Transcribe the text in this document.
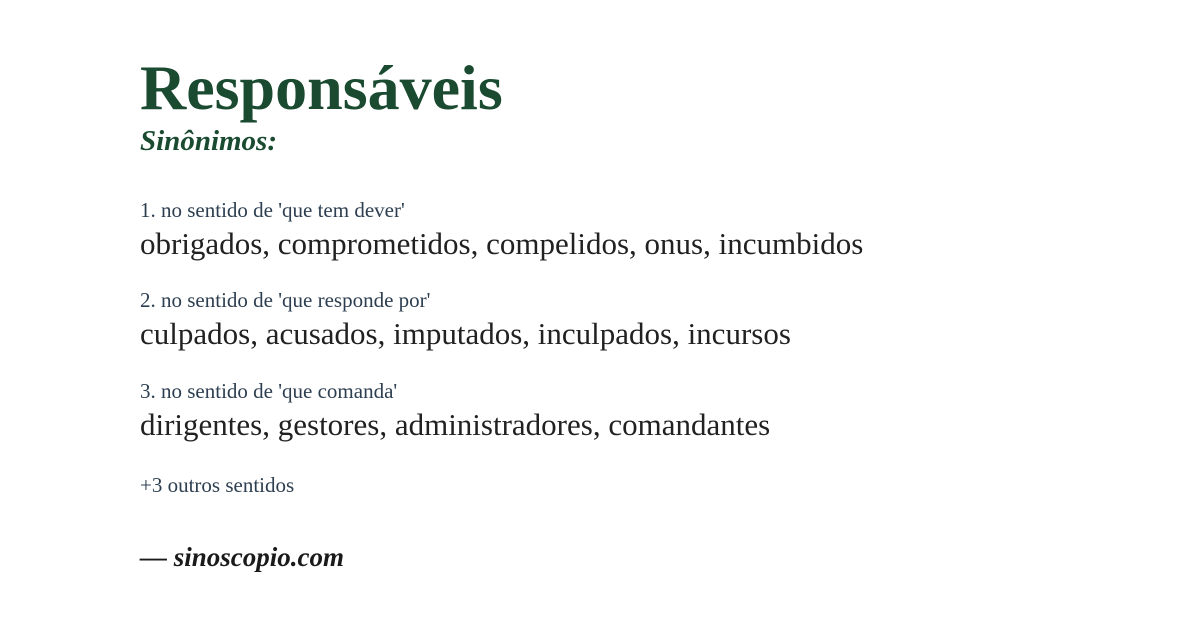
Responsáveis
Sinônimos:

1. no sentido de 'que tem dever'

obrigados, comprometidos, compelidos, onus, incumbidos

2. no sentido de 'que responde por'

culpados, acusados, imputados, inculpados, incursos

3. no sentido de 'que comanda'

dirigentes, gestores, administradores, comandantes

+3 outros sentidos

— sinoscopio.com
